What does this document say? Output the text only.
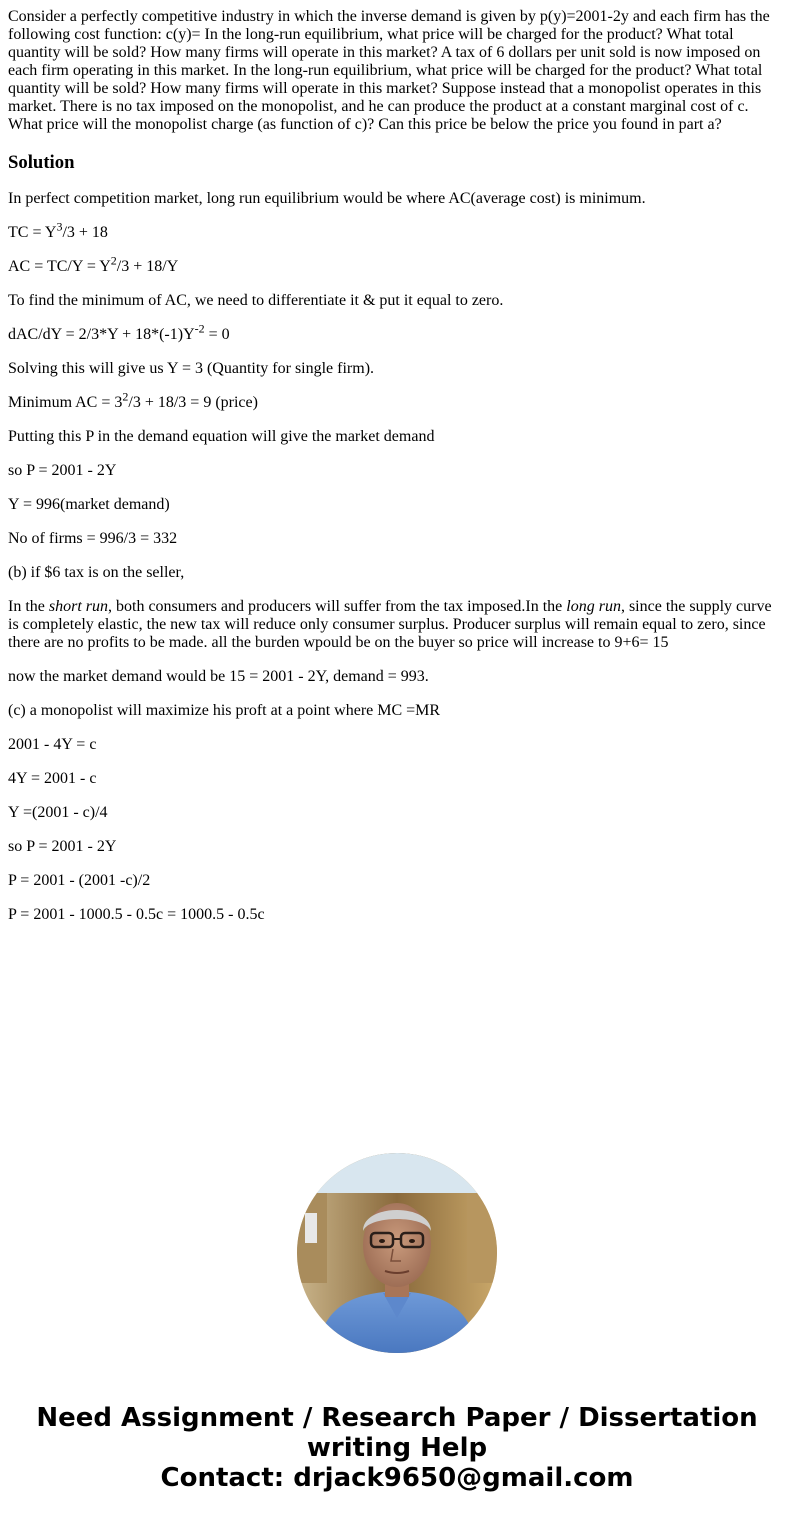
Consider a perfectly competitive industry in which the inverse demand is given by p(y)=2001-2y and each firm has the following cost function: c(y)= In the long-run equilibrium, what price will be charged for the product? What total quantity will be sold? How many firms will operate in this market? A tax of 6 dollars per unit sold is now imposed on each firm operating in this market. In the long-run equilibrium, what price will be charged for the product? What total quantity will be sold? How many firms will operate in this market? Suppose instead that a monopolist operates in this market. There is no tax imposed on the monopolist, and he can produce the product at a constant marginal cost of c. What price will the monopolist charge (as function of c)? Can this price be below the price you found in part a?

Solution

In perfect competition market, long run equilibrium would be where AC(average cost) is minimum.

TC = $Y^3/3 + 18$

AC = $TC/Y = Y^2/3 + 18/Y$

To find the minimum of AC, we need to differentiate it & put it equal to zero.

$dAC/dY = 2/3*Y + 18*(-1)Y^{-2} = 0$

Solving this will give us Y = 3 (Quantity for single firm).

Minimum AC = $3^2/3 + 18/3 = 9$ (price)

Putting this P in the demand equation will give the market demand

so P = 2001 - 2Y

Y = 996(market demand)

No of firms = 996/3 = 332

(b) if $6 tax is on the seller,

In the short run, both consumers and producers will suffer from the tax imposed.In the long run, since the supply curve is completely elastic, the new tax will reduce only consumer surplus. Producer surplus will remain equal to zero, since there are no profits to be made. all the burden wpould be on the buyer so price will increase to 9+6= 15

now the market demand would be 15 = 2001 - 2Y, demand = 993.

(c) a monopolist will maximize his proft at a point where MC =MR

2001 - 4Y = c

4Y = 2001 - c

Y =(2001 - c)/4

so P = 2001 - 2Y

P = 2001 - (2001 -c)/2

P = 2001 - 1000.5 - 0.5c = 1000.5 - 0.5c

Need Assignment / Research Paper / Dissertation
writing Help
Contact: drjack9650@gmail.com
